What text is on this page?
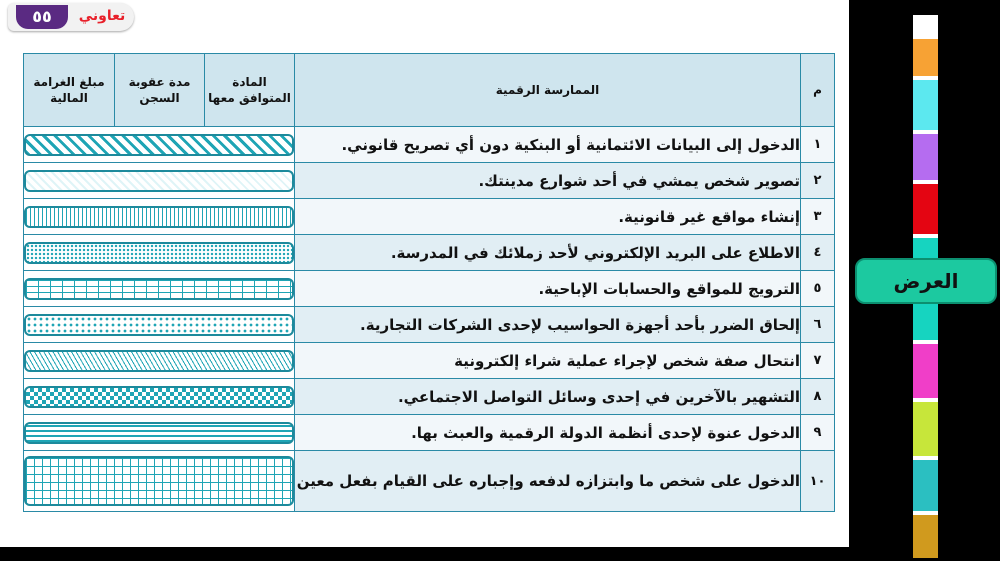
٥٥	تعاوني
م	الممارسة الرقمية	المادة المتوافق معها	مدة عقوبة السجن	مبلغ الغرامة المالية
١	الدخول إلى البيانات الائتمانية أو البنكية دون أي تصريح قانوني.			

٢	تصوير شخص يمشي في أحد شوارع مدينتك.			

٣	إنشاء مواقع غير قانونية.			

٤	الاطلاع على البريد الإلكتروني لأحد زملائك في المدرسة.			

٥	الترويج للمواقع والحسابات الإباحية.			

٦	إلحاق الضرر بأحد أجهزة الحواسيب لإحدى الشركات التجارية.			

٧	انتحال صفة شخص لإجراء عملية شراء إلكترونية			

٨	التشهير بالآخرين في إحدى وسائل التواصل الاجتماعي.			

٩	الدخول عنوة لإحدى أنظمة الدولة الرقمية والعبث بها.			

١٠	الدخول على شخص ما وابتزازه لدفعه وإجباره على القيام بفعل معين			
العرض
